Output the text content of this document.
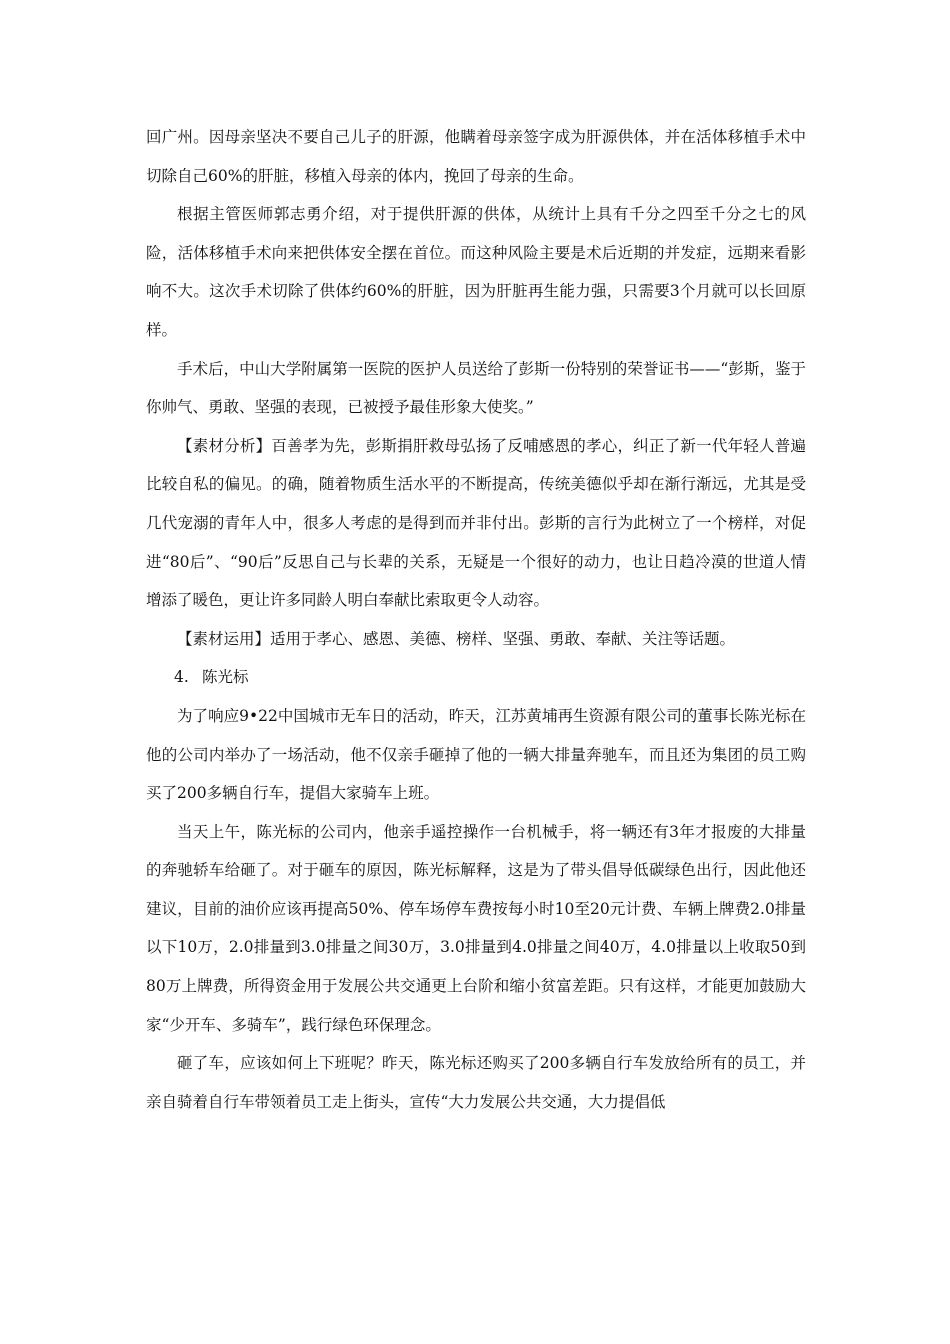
回广州。因母亲坚决不要自己儿子的肝源，他瞒着母亲签字成为肝源供体，并在活体移植手术中切除自己60%的肝脏，移植入母亲的体内，挽回了母亲的生命。

根据主管医师郭志勇介绍，对于提供肝源的供体，从统计上具有千分之四至千分之七的风险，活体移植手术向来把供体安全摆在首位。而这种风险主要是术后近期的并发症，远期来看影响不大。这次手术切除了供体约60%的肝脏，因为肝脏再生能力强，只需要3个月就可以长回原样。

手术后，中山大学附属第一医院的医护人员送给了彭斯一份特别的荣誉证书——“彭斯，鉴于你帅气、勇敢、坚强的表现，已被授予最佳形象大使奖。”

【素材分析】百善孝为先，彭斯捐肝救母弘扬了反哺感恩的孝心，纠正了新一代年轻人普遍比较自私的偏见。的确，随着物质生活水平的不断提高，传统美德似乎却在渐行渐远，尤其是受几代宠溺的青年人中，很多人考虑的是得到而并非付出。彭斯的言行为此树立了一个榜样，对促进“80后”、“90后”反思自己与长辈的关系，无疑是一个很好的动力，也让日趋冷漠的世道人情增添了暖色，更让许多同龄人明白奉献比索取更令人动容。

【素材运用】适用于孝心、感恩、美德、榜样、坚强、勇敢、奉献、关注等话题。

4. 陈光标

为了响应9•22中国城市无车日的活动，昨天，江苏黄埔再生资源有限公司的董事长陈光标在他的公司内举办了一场活动，他不仅亲手砸掉了他的一辆大排量奔驰车，而且还为集团的员工购买了200多辆自行车，提倡大家骑车上班。

当天上午，陈光标的公司内，他亲手遥控操作一台机械手，将一辆还有3年才报废的大排量的奔驰轿车给砸了。对于砸车的原因，陈光标解释，这是为了带头倡导低碳绿色出行，因此他还建议，目前的油价应该再提高50%、停车场停车费按每小时10至20元计费、车辆上牌费2.0排量以下10万，2.0排量到3.0排量之间30万，3.0排量到4.0排量之间40万，4.0排量以上收取50到80万上牌费，所得资金用于发展公共交通更上台阶和缩小贫富差距。只有这样，才能更加鼓励大家“少开车、多骑车”，践行绿色环保理念。

砸了车，应该如何上下班呢？昨天，陈光标还购买了200多辆自行车发放给所有的员工，并亲自骑着自行车带领着员工走上街头，宣传“大力发展公共交通，大力提倡低
